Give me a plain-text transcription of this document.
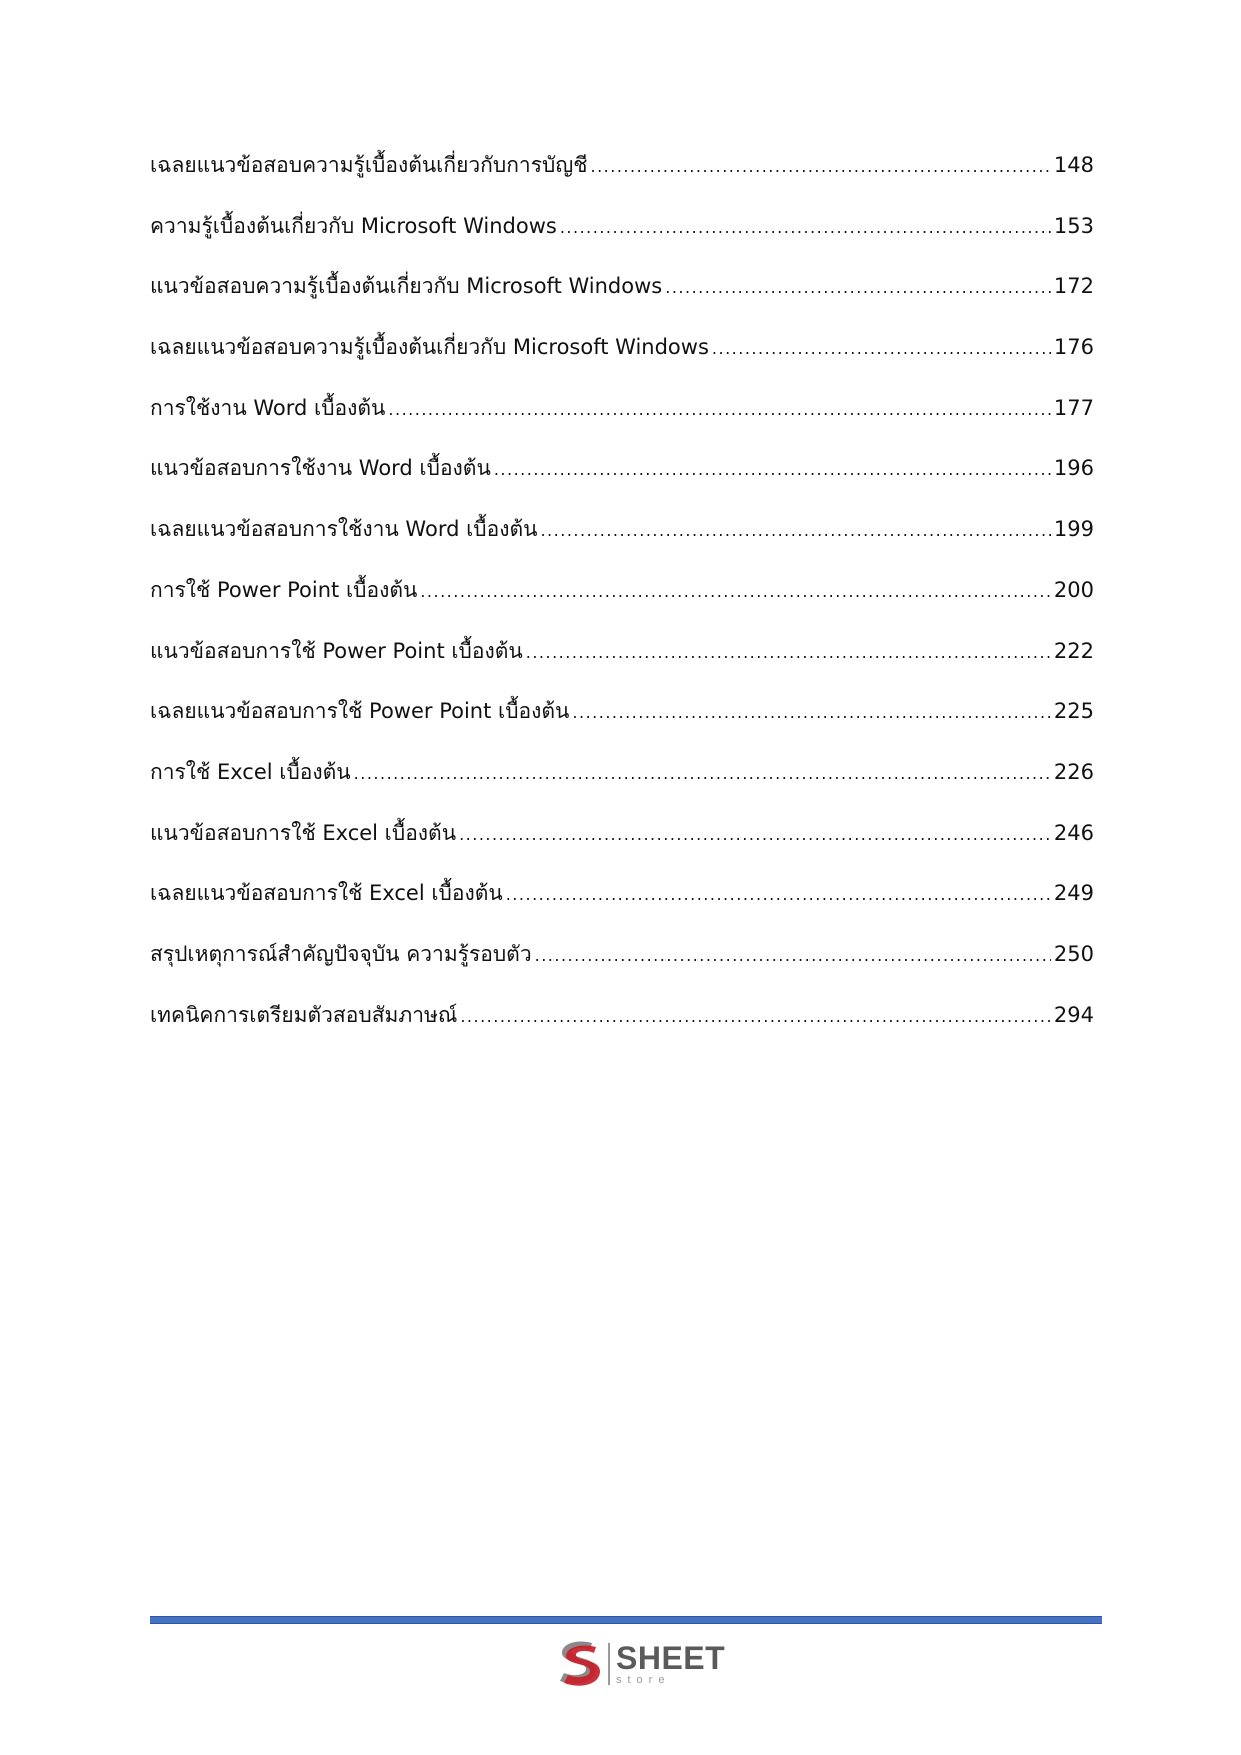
เฉลยแนวข้อสอบความรู้เบื้องต้นเกี่ยวกับการบัญชี .....	148
ความรู้เบื้องต้นเกี่ยวกับ Microsoft Windows .....	153
แนวข้อสอบความรู้เบื้องต้นเกี่ยวกับ Microsoft Windows .....	172
เฉลยแนวข้อสอบความรู้เบื้องต้นเกี่ยวกับ Microsoft Windows .....	176
การใช้งาน Word เบื้องต้น .....	177
แนวข้อสอบการใช้งาน Word เบื้องต้น .....	196
เฉลยแนวข้อสอบการใช้งาน Word เบื้องต้น .....	199
การใช้ Power Point เบื้องต้น .....	200
แนวข้อสอบการใช้ Power Point เบื้องต้น .....	222
เฉลยแนวข้อสอบการใช้ Power Point เบื้องต้น .....	225
การใช้ Excel เบื้องต้น .....	226
แนวข้อสอบการใช้ Excel เบื้องต้น .....	246
เฉลยแนวข้อสอบการใช้ Excel เบื้องต้น .....	249
สรุปเหตุการณ์สำคัญปัจจุบัน ความรู้รอบตัว .....	250
เทคนิคการเตรียมตัวสอบสัมภาษณ์ .....	294
SHEET
store
